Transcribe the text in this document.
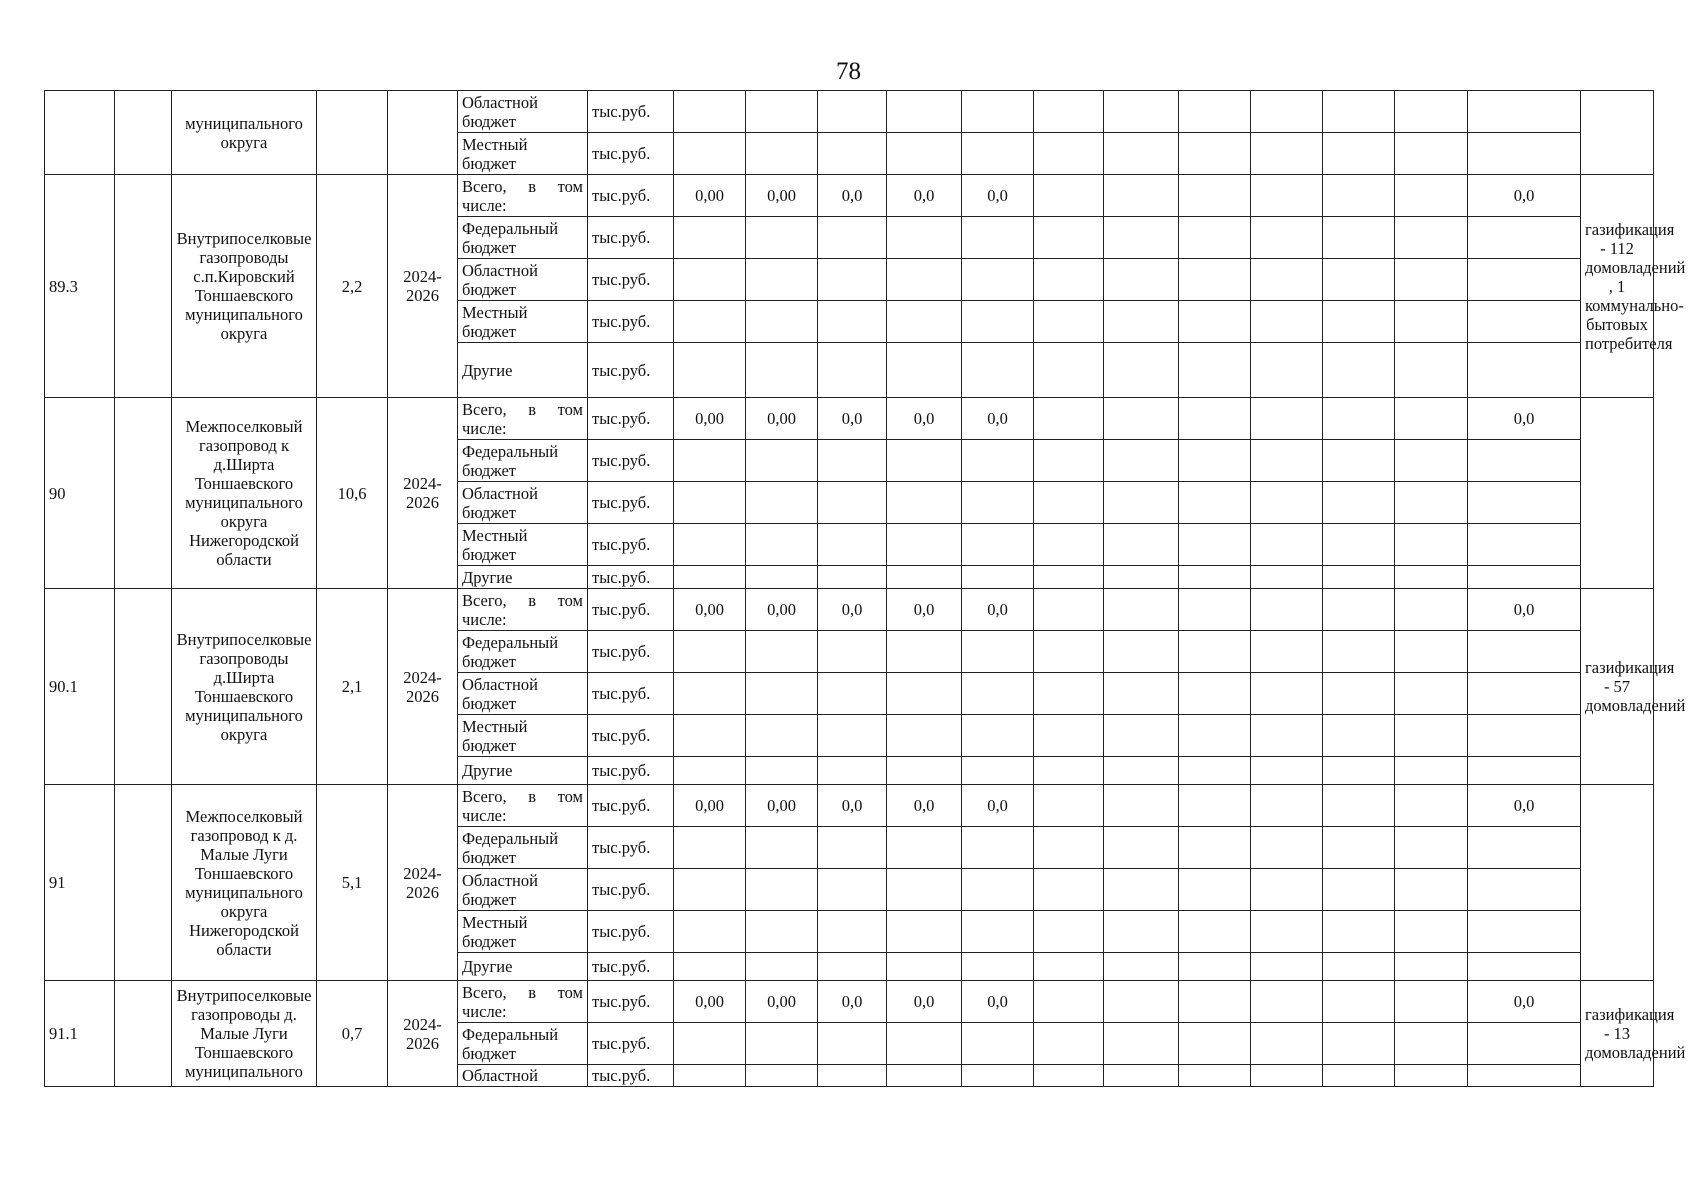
78
		муниципального округа			Областной бюджет	тыс.руб.													
					Местный бюджет	тыс.руб.													
89.3		Внутрипоселковые газопроводы с.п.Кировский Тоншаевского муниципального округа	2,2	2024-2026	Всего, в том числе:	тыс.руб.	0,00	0,00	0,0	0,0	0,0							0,0	газификация - 112 домовладений , 1 коммунально-бытовых потребителя
					Федеральный бюджет	тыс.руб.													
					Областной бюджет	тыс.руб.													
					Местный бюджет	тыс.руб.													
					Другие	тыс.руб.													
90		Межпоселковый газопровод к д.Ширта Тоншаевского муниципального округа Нижегородской области	10,6	2024-2026	Всего, в том числе:	тыс.руб.	0,00	0,00	0,0	0,0	0,0							0,0	
					Федеральный бюджет	тыс.руб.													
					Областной бюджет	тыс.руб.													
					Местный бюджет	тыс.руб.													
					Другие	тыс.руб.													
90.1		Внутрипоселковые газопроводы д.Ширта Тоншаевского муниципального округа	2,1	2024-2026	Всего, в том числе:	тыс.руб.	0,00	0,00	0,0	0,0	0,0							0,0	газификация - 57 домовладений
					Федеральный бюджет	тыс.руб.													
					Областной бюджет	тыс.руб.													
					Местный бюджет	тыс.руб.													
					Другие	тыс.руб.													
91		Межпоселковый газопровод к д. Малые Луги Тоншаевского муниципального округа Нижегородской области	5,1	2024-2026	Всего, в том числе:	тыс.руб.	0,00	0,00	0,0	0,0	0,0							0,0	
					Федеральный бюджет	тыс.руб.													
					Областной бюджет	тыс.руб.													
					Местный бюджет	тыс.руб.													
					Другие	тыс.руб.													
91.1		Внутрипоселковые газопроводы д. Малые Луги Тоншаевского муниципального	0,7	2024-2026	Всего, в том числе:	тыс.руб.	0,00	0,00	0,0	0,0	0,0							0,0	газификация - 13 домовладений
					Федеральный бюджет	тыс.руб.													
					Областной	тыс.руб.													
